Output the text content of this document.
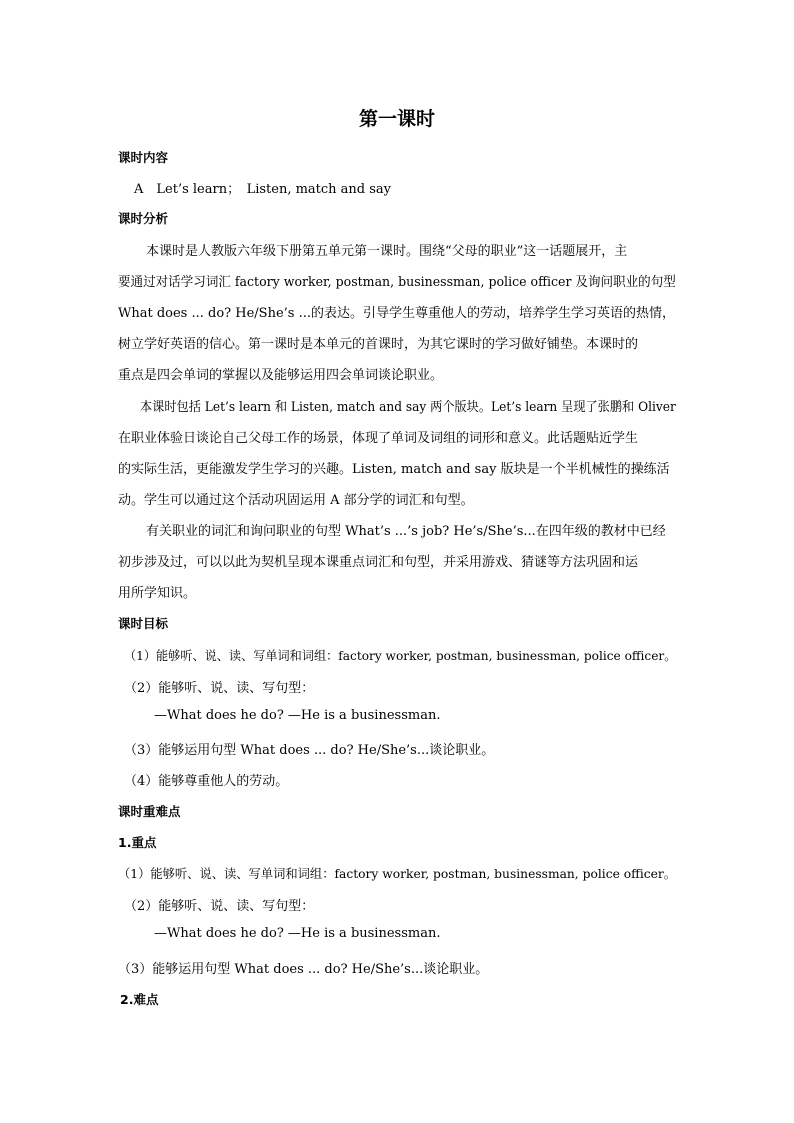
第一课时
课时内容
A　Let’s learn；　Listen, match and say
课时分析
本课时是人教版六年级下册第五单元第一课时。围绕“父母的职业”这一话题展开，主
要通过对话学习词汇 factory worker, postman, businessman, police officer 及询问职业的句型
What does ... do? He/She’s ...的表达。引导学生尊重他人的劳动，培养学生学习英语的热情，
树立学好英语的信心。第一课时是本单元的首课时，为其它课时的学习做好铺垫。本课时的
重点是四会单词的掌握以及能够运用四会单词谈论职业。
本课时包括 Let’s learn 和 Listen, match and say 两个版块。Let’s learn 呈现了张鹏和 Oliver
在职业体验日谈论自己父母工作的场景，体现了单词及词组的词形和意义。此话题贴近学生
的实际生活，更能激发学生学习的兴趣。Listen, match and say 版块是一个半机械性的操练活
动。学生可以通过这个活动巩固运用 A 部分学的词汇和句型。
有关职业的词汇和询问职业的句型 What’s ...’s job? He’s/She’s...在四年级的教材中已经
初步涉及过，可以以此为契机呈现本课重点词汇和句型，并采用游戏、猜谜等方法巩固和运
用所学知识。
课时目标
（1）能够听、说、读、写单词和词组：factory worker, postman, businessman, police officer。
（2）能够听、说、读、写句型：
—What does he do? —He is a businessman.
（3）能够运用句型 What does ... do? He/She’s...谈论职业。
（4）能够尊重他人的劳动。
课时重难点
1.重点
（1）能够听、说、读、写单词和词组：factory worker, postman, businessman, police officer。
（2）能够听、说、读、写句型：
—What does he do? —He is a businessman.
（3）能够运用句型 What does ... do? He/She’s...谈论职业。
2.难点
